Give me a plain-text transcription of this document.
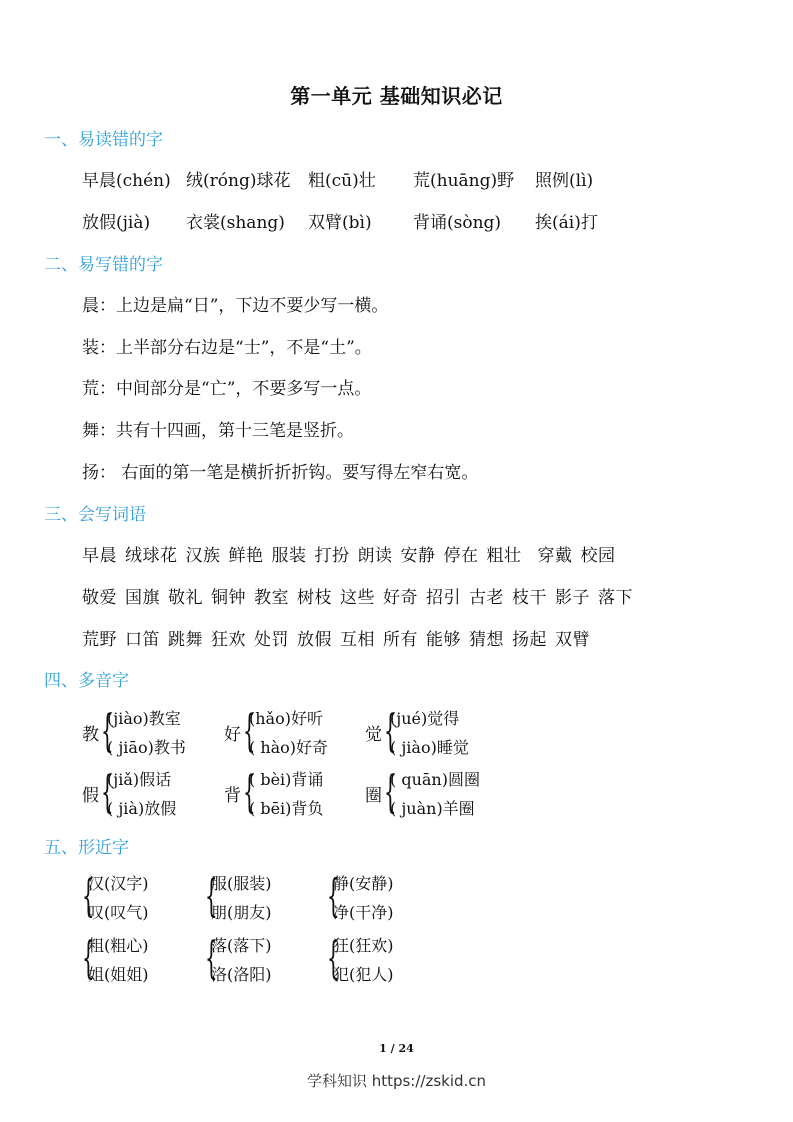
第一单元 基础知识必记
一、易读错的字
早晨(chén) 绒(róng)球花 粗(cū)壮 荒(huāng)野 照例(lì)
放假(jià) 衣裳(shang) 双臂(bì) 背诵(sòng) 挨(ái)打
二、易写错的字
晨：上边是扁“日”，下边不要少写一横。
装：上半部分右边是“士”，不是“土”。
荒：中间部分是“亡”，不要多写一点。
舞：共有十四画，第十三笔是竖折。
扬： 右面的第一笔是横折折折钩。要写得左窄右宽。
三、会写词语
早晨 绒球花 汉族 鲜艳 服装 打扮 朗读 安静 停在 粗壮 穿戴 校园
敬爱 国旗 敬礼 铜钟 教室 树枝 这些 好奇 招引 古老 枝干 影子 落下
荒野 口笛 跳舞 狂欢 处罚 放假 互相 所有 能够 猜想 扬起 双臂
四、多音字
教 {
(jiào)教室
( jiāo)教书
好 {
(hǎo)好听
( hào)好奇
觉 {
(jué)觉得
( jiào)睡觉
假 {
(jiǎ)假话
( jià)放假
背 {
( bèi)背诵
( bēi)背负
圈 {
( quān)圆圈
( juàn)羊圈
五、形近字
{
汉(汉字)
叹(叹气) {
服(服装)
朋(朋友) {
静(安静)
净(干净)
{
粗(粗心)
姐(姐姐) {
落(落下)
洛(洛阳) {
狂(狂欢)
犯(犯人)
1 / 24
学科知识 https://zskid.cn
